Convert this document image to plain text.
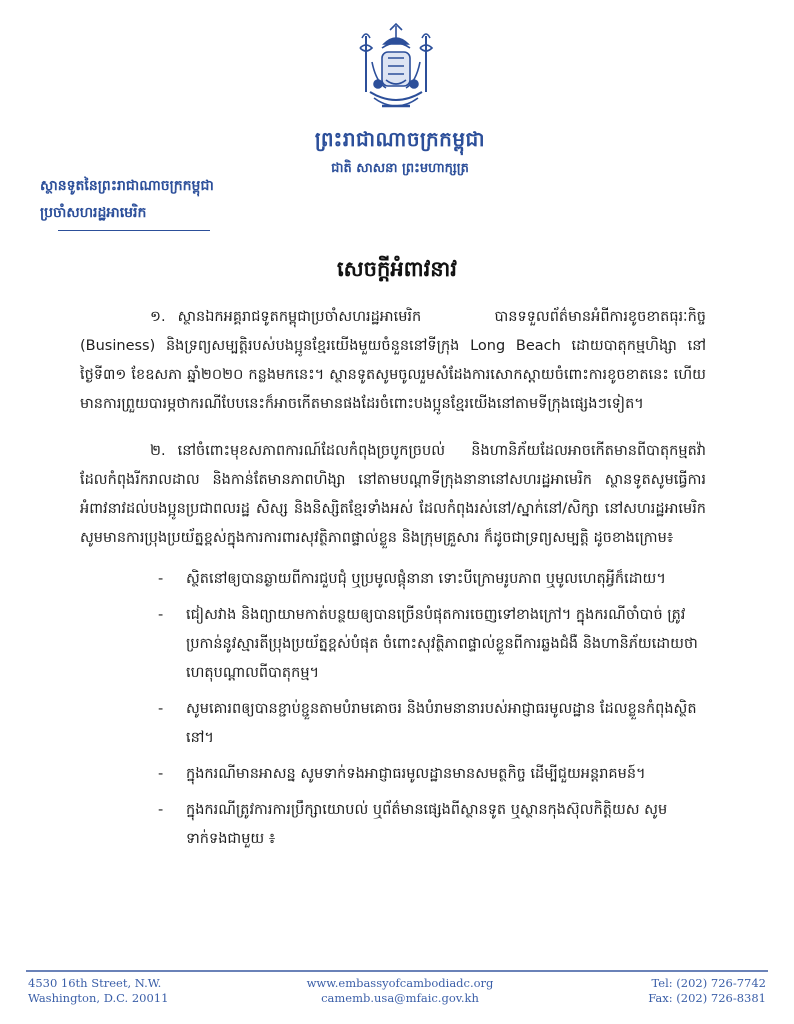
ព្រះរាជាណាចក្រកម្ពុជា
ជាតិ សាសនា ព្រះមហាក្សត្រ
ស្ថានទូតនៃព្រះរាជាណាចក្រកម្ពុជា
ប្រចាំសហរដ្ឋអាមេរិក
សេចក្តីអំពាវនាវ

១. ស្ថានឯកអគ្គរាជទូតកម្ពុជាប្រចាំសហរដ្ឋអាមេរិក បានទទួលព័ត៌មានអំពីការខូចខាតធុរៈកិច្ច (Business) និងទ្រព្យសម្បត្តិរបស់បងប្អូនខ្មែរយើងមួយចំនួននៅទីក្រុង Long Beach ដោយបាតុកម្មហិង្សា នៅថ្ងៃទី៣១ ខែឧសភា ឆ្នាំ២០២០ កន្លងមកនេះ។ ស្ថានទូតសូមចូលរួមសំដែងការសោកស្តាយចំពោះការខូចខាតនេះ ហើយមានការព្រួយបារម្ភថាករណីបែបនេះក៏អាចកើតមានផងដែរចំពោះបងប្អូនខ្មែរយើងនៅតាមទីក្រុងផ្សេងៗទៀត។

២. នៅចំពោះមុខសភាពការណ៍ដែលកំពុងច្របូកច្របល់ និងហានិភ័យដែលអាចកើតមានពីបាតុកម្មតវ៉ាដែលកំពុងរីករាលដាល និងកាន់តែមានភាពហិង្សា នៅតាមបណ្តាទីក្រុងនានានៅសហរដ្ឋអាមេរិក ស្ថានទូតសូមធ្វើការអំពាវនាវដល់បងប្អូនប្រជាពលរដ្ឋ សិស្ស និងនិស្សិតខ្មែរទាំងអស់ ដែលកំពុងរស់នៅ/ស្នាក់នៅ/សិក្សា នៅសហរដ្ឋអាមេរិក សូមមានការប្រុងប្រយ័ត្នខ្ពស់ក្នុងការការពារសុវត្ថិភាពផ្ទាល់ខ្លួន និងក្រុមគ្រួសារ ក៏ដូចជាទ្រព្យសម្បត្តិ ដូចខាងក្រោម៖

- ស្ថិតនៅឲ្យបានឆ្ងាយពីការជួបជុំ ឬប្រមូលផ្តុំនានា ទោះបីក្រោមរូបភាព ឬមូលហេតុអ្វីក៏ដោយ។
- ជៀសវាង និងព្យាយាមកាត់បន្ថយឲ្យបានច្រើនបំផុតការចេញទៅខាងក្រៅ។ ក្នុងករណីចាំបាច់ ត្រូវប្រកាន់នូវស្មារតីប្រុងប្រយ័ត្នខ្ពស់បំផុត ចំពោះសុវត្ថិភាពផ្ទាល់ខ្លួនពីការឆ្លងជំងឺ និងហានិភ័យដោយថាហេតុបណ្តាលពីបាតុកម្ម។
- សូមគោរពឲ្យបានខ្ជាប់ខ្ជួនតាមបំរាមគោចរ និងបំរាមនានារបស់អាជ្ញាធរមូលដ្ឋាន ដែលខ្លួនកំពុងស្ថិតនៅ។
- ក្នុងករណីមានអាសន្ន សូមទាក់ទងអាជ្ញាធរមូលដ្ឋានមានសមត្ថកិច្ច ដើម្បីជួយអន្តរាគមន៍។
- ក្នុងករណីត្រូវការការប្រឹក្សាយោបល់ ឬព័ត៌មានផ្សេងពីស្ថានទូត ឬស្ថានកុងស៊ុលកិត្តិយស សូមទាក់ទងជាមួយ ៖
4530 16th Street, N.W.
Washington, D.C. 20011
www.embassyofcambodiadc.org
camemb.usa@mfaic.gov.kh
Tel: (202) 726-7742
Fax: (202) 726-8381
